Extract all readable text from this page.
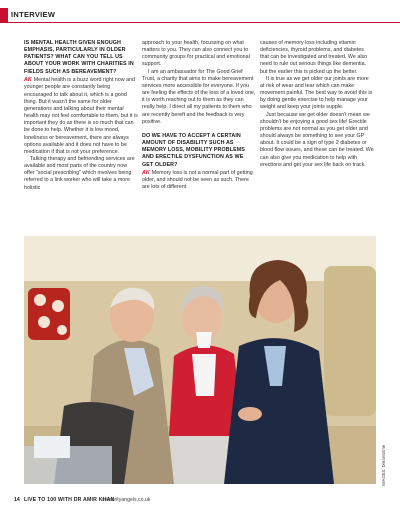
INTERVIEW

IS MENTAL HEALTH GIVEN ENOUGH EMPHASIS, PARTICULARLY IN OLDER PATIENTS? WHAT CAN YOU TELL US ABOUT YOUR WORK WITH CHARITIES IN FIELDS SUCH AS BEREAVEMENT?

AK Mental health is a buzz word right now and younger people are constantly being encouraged to talk about it, which is a good thing. But it wasn't the same for older generations and talking about their mental health may not feel comfortable to them, but it is important they do as there is so much that can be done to help. Whether it is low mood, loneliness or bereavement, there are always options available and it does not have to be medication if that is not your preference.

Talking therapy and befriending services are available and most parts of the country now offer “social prescribing” which involves being referred to a link worker who will take a more holistic

approach to your health, focussing on what matters to you. They can also connect you to community groups for practical and emotional support.

I am an ambassador for The Good Grief Trust, a charity that aims to make bereavement services more accessible for everyone. If you are feeling the effects of the loss of a loved one, it is worth reaching out to them as they can really help. I direct all my patients to them who are recently bereft and the feedback is very positive.

DO WE HAVE TO ACCEPT A CERTAIN AMOUNT OF DISABILITY SUCH AS MEMORY LOSS, MOBILITY PROBLEMS AND ERECTILE DYSFUNCTION AS WE GET OLDER?

AK Memory loss is not a normal part of getting older, and should not be seen as such. There are lots of different

causes of memory loss including vitamin deficiencies, thyroid problems, and diabetes that can be investigated and treated. We also need to rule out serious things like dementia, but the earlier this is picked up the better.

It is true as we get older our joints are more at risk of wear and tear which can make movement painful. The best way to avoid this is by doing gentle exercise to help manage your weight and keep your joints supple.

Just because we get older doesn't mean we shouldn't be enjoying a good sex life! Erectile problems are not normal as you get older and should always be something to see your GP about. It could be a sign of type 2 diabetes or blood flow issues, and these can be treated. We can also give you medication to help with erections and get your sex life back on track.

IMAGES: Dreamstime
14 LIVE TO 100 WITH DR AMIR KHAN
celebrityangels.co.uk
